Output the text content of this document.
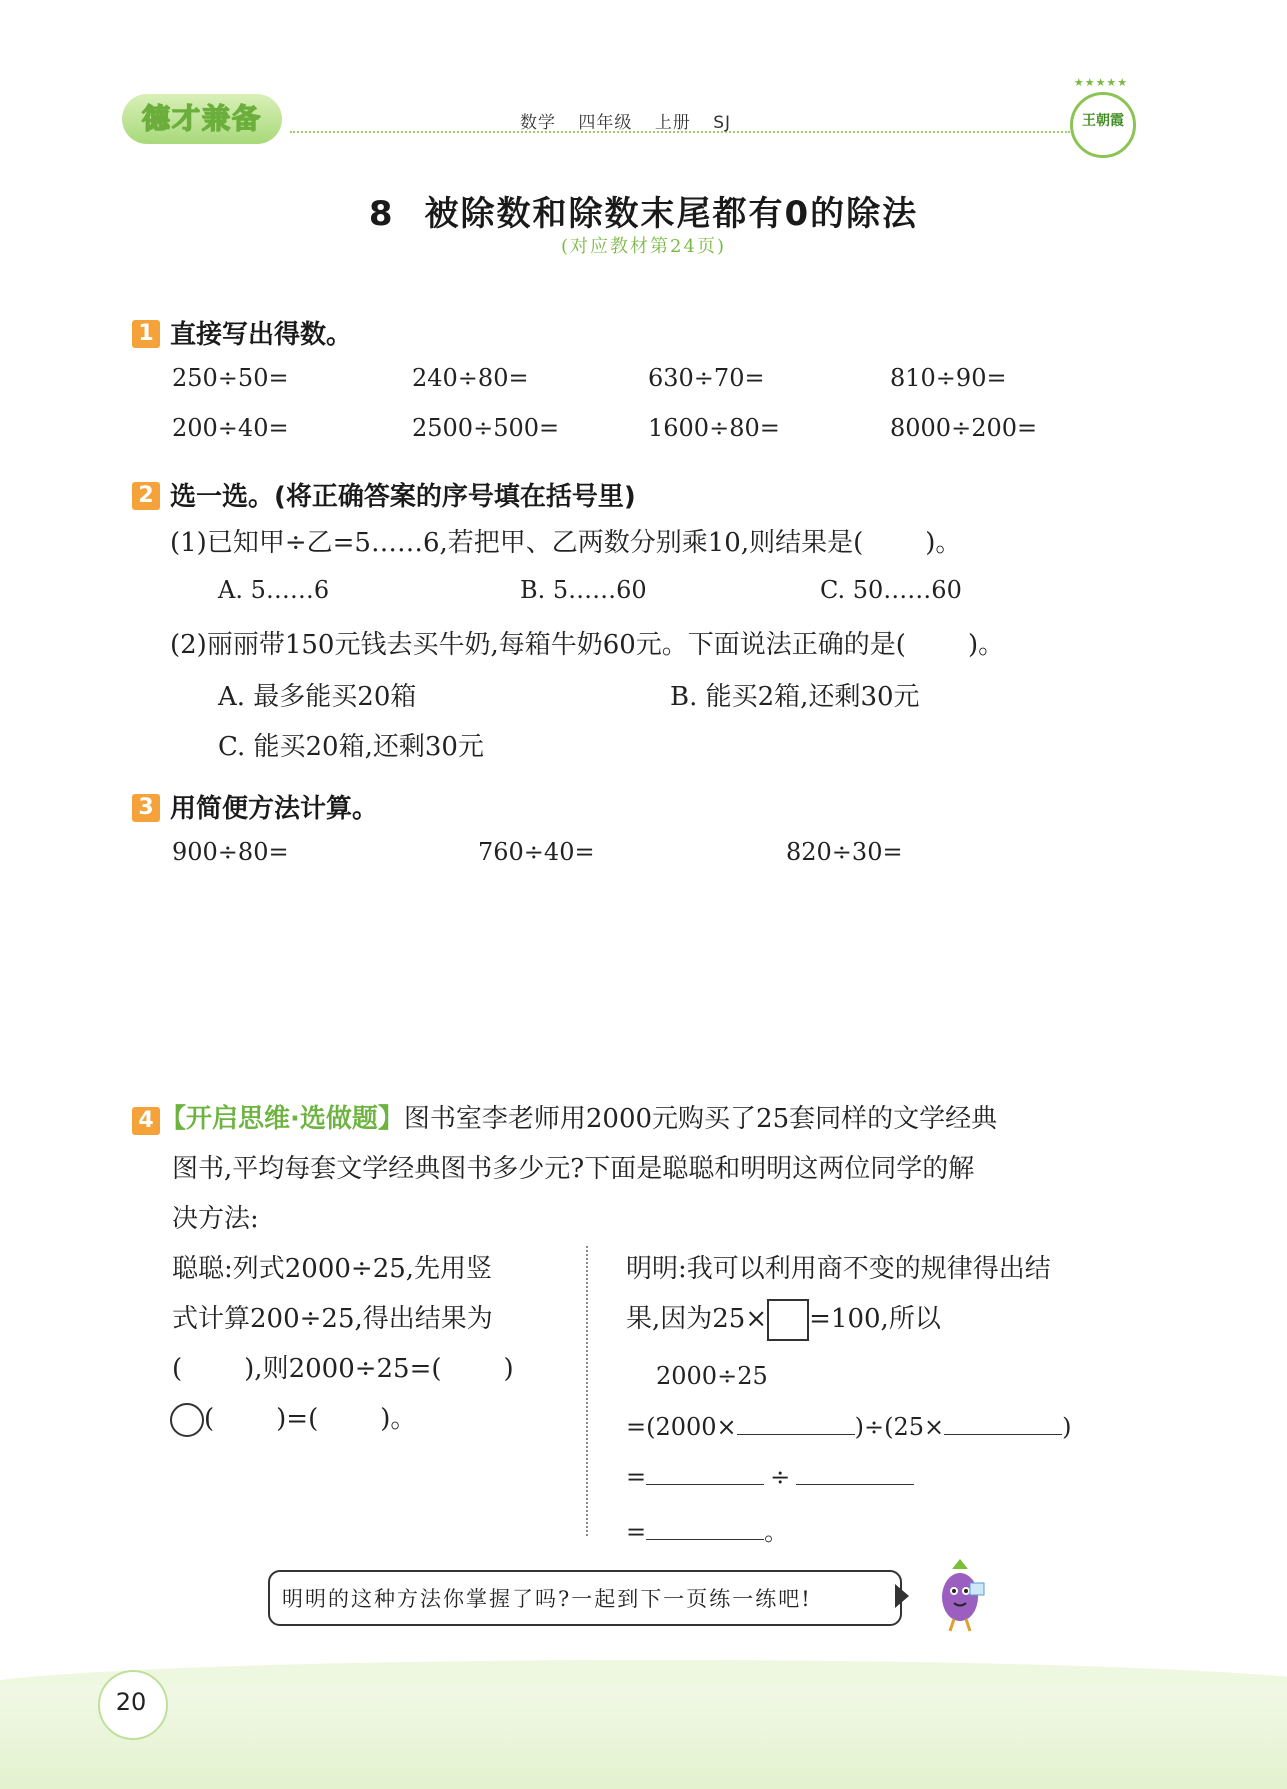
德才兼备	数学 四年级 上册 SJ
★★★★★
王朝霞
8 被除数和除数末尾都有0的除法
(对应教材第24页)
1 直接写出得数。
250÷50=	240÷80=	630÷70=	810÷90=
200÷40=	2500÷500=	1600÷80=	8000÷200=
2 选一选。(将正确答案的序号填在括号里)
(1)已知甲÷乙=5……6,若把甲、乙两数分别乘10,则结果是( )。
A. 5……6	B. 5……60	C. 50……60
(2)丽丽带150元钱去买牛奶,每箱牛奶60元。下面说法正确的是( )。
A. 最多能买20箱	B. 能买2箱,还剩30元
C. 能买20箱,还剩30元
3 用简便方法计算。
900÷80=	760÷40=	820÷30=
4 【开启思维·选做题】图书室李老师用2000元购买了25套同样的文学经典
图书,平均每套文学经典图书多少元?下面是聪聪和明明这两位同学的解
决方法:
聪聪:列式2000÷25,先用竖
式计算200÷25,得出结果为
( ),则2000÷25=( )
( )=( )。
明明:我可以利用商不变的规律得出结
果,因为25× =100,所以
2000÷25
=(2000×	)÷(25×	)
=	÷
=	。
明明的这种方法你掌握了吗?一起到下一页练一练吧!
20
